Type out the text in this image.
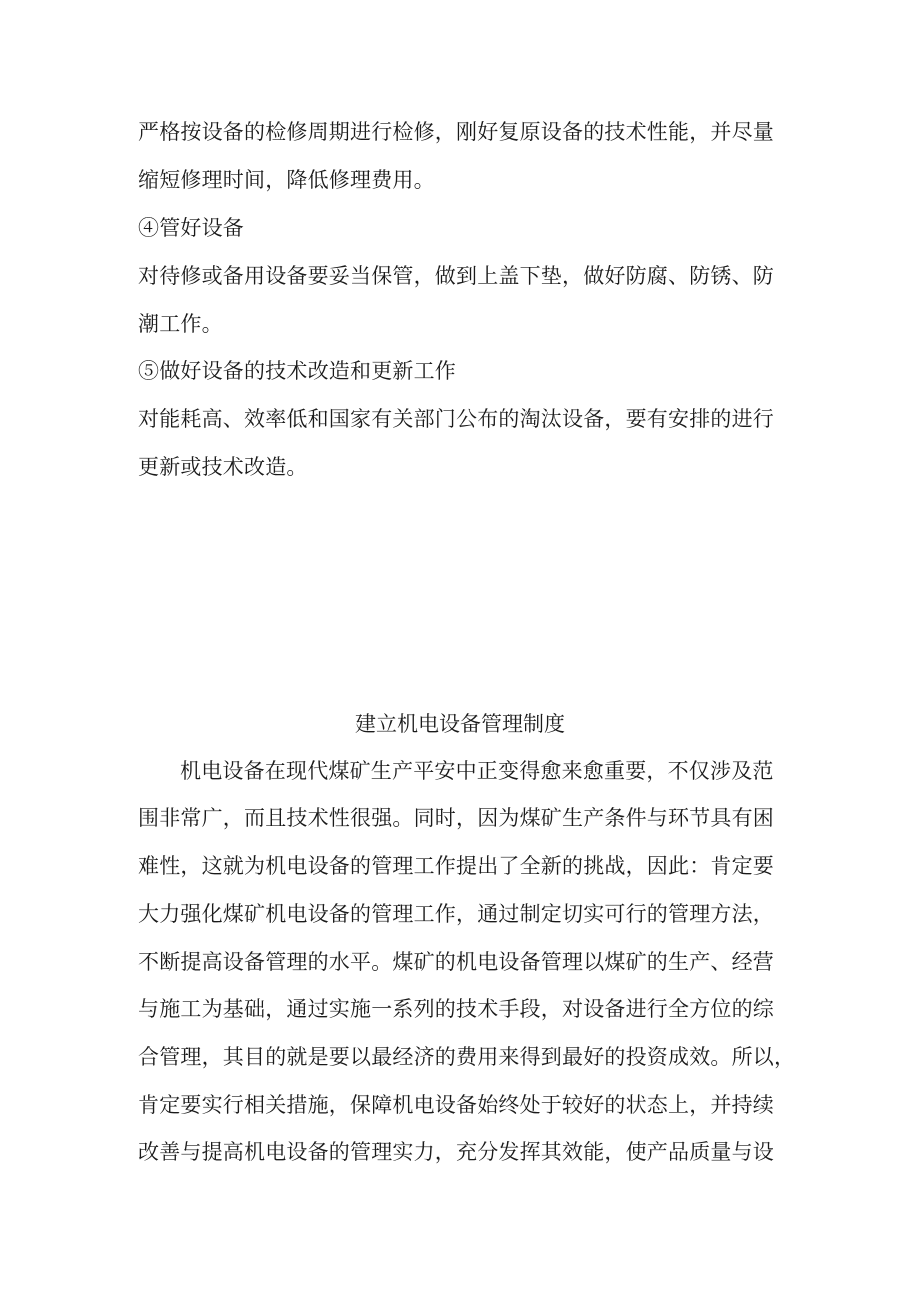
严格按设备的检修周期进行检修，刚好复原设备的技术性能，并尽量
缩短修理时间，降低修理费用。
④管好设备
对待修或备用设备要妥当保管，做到上盖下垫，做好防腐、防锈、防
潮工作。
⑤做好设备的技术改造和更新工作
对能耗高、效率低和国家有关部门公布的淘汰设备，要有安排的进行
更新或技术改造。
建立机电设备管理制度
机电设备在现代煤矿生产平安中正变得愈来愈重要，不仅涉及范
围非常广，而且技术性很强。同时，因为煤矿生产条件与环节具有困
难性，这就为机电设备的管理工作提出了全新的挑战，因此：肯定要
大力强化煤矿机电设备的管理工作，通过制定切实可行的管理方法，
不断提高设备管理的水平。煤矿的机电设备管理以煤矿的生产、经营
与施工为基础，通过实施一系列的技术手段，对设备进行全方位的综
合管理，其目的就是要以最经济的费用来得到最好的投资成效。所以，
肯定要实行相关措施，保障机电设备始终处于较好的状态上，并持续
改善与提高机电设备的管理实力，充分发挥其效能，使产品质量与设
